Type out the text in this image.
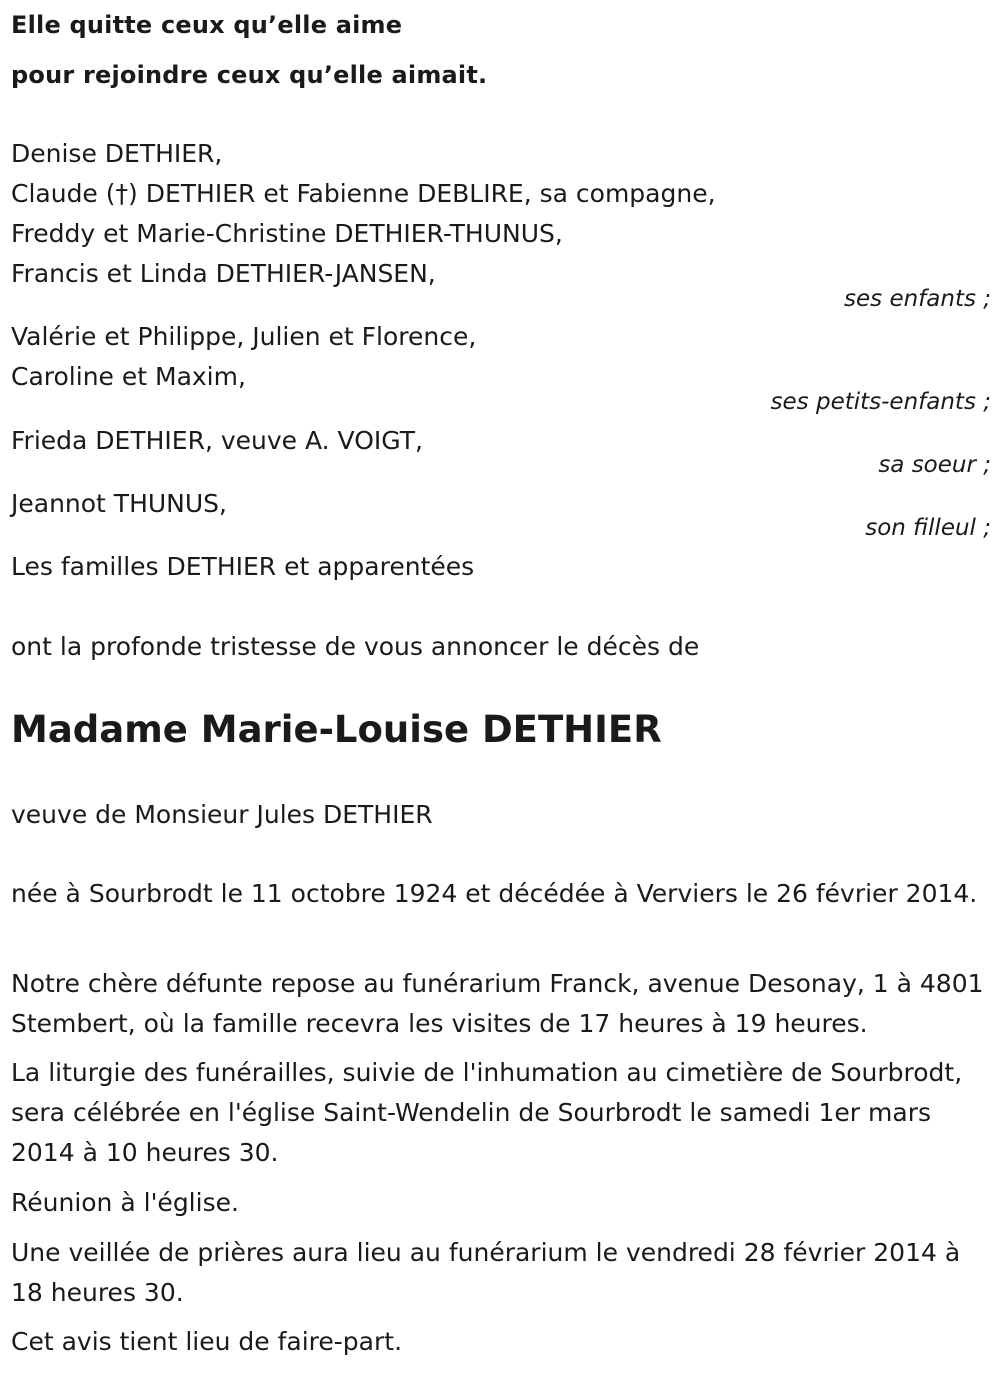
Elle quitte ceux qu’elle aime
pour rejoindre ceux qu’elle aimait.
Denise DETHIER,
Claude (†) DETHIER et Fabienne DEBLIRE, sa compagne,
Freddy et Marie-Christine DETHIER-THUNUS,
Francis et Linda DETHIER-JANSEN,
ses enfants ;
Valérie et Philippe, Julien et Florence,
Caroline et Maxim,
ses petits-enfants ;
Frieda DETHIER, veuve A. VOIGT,
sa soeur ;
Jeannot THUNUS,
son filleul ;
Les familles DETHIER et apparentées
ont la profonde tristesse de vous annoncer le décès de
Madame Marie-Louise DETHIER
veuve de Monsieur Jules DETHIER
née à Sourbrodt le 11 octobre 1924 et décédée à Verviers le 26 février 2014.
Notre chère défunte repose au funérarium Franck, avenue Desonay, 1 à 4801 Stembert, où la famille recevra les visites de 17 heures à 19 heures.
La liturgie des funérailles, suivie de l'inhumation au cimetière de Sourbrodt, sera célébrée en l'église Saint-Wendelin de Sourbrodt le samedi 1er mars 2014 à 10 heures 30.
Réunion à l'église.
Une veillée de prières aura lieu au funérarium le vendredi 28 février 2014 à 18 heures 30.
Cet avis tient lieu de faire-part.
